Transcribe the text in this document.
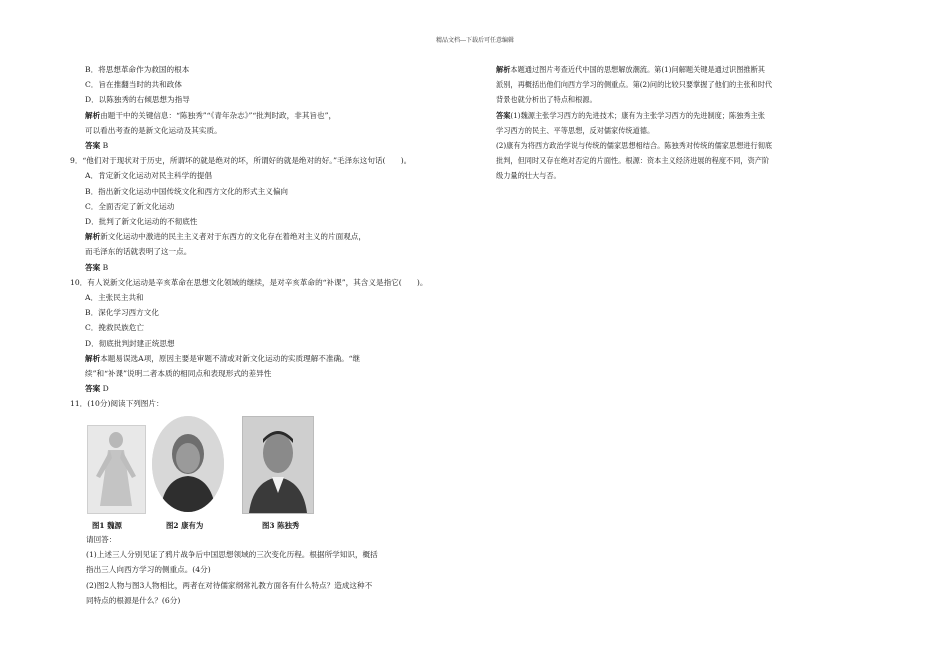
精品文档---下载后可任意编辑
B．将思想革命作为救国的根本
C．旨在推翻当时的共和政体
D．以陈独秀的右倾思想为指导
解析由题干中的关键信息：“陈独秀”“《青年杂志》”“批判时政，非其旨也”，
可以看出考查的是新文化运动及其实质。
答案 B
9．“他们对于现状对于历史，所谓坏的就是绝对的坏，所谓好的就是绝对的好。”毛泽东这句话(　　)。
A．肯定新文化运动对民主科学的提倡
B．指出新文化运动中国传统文化和西方文化的形式主义偏向
C．全面否定了新文化运动
D．批判了新文化运动的不彻底性
解析新文化运动中激进的民主主义者对于东西方的文化存在着绝对主义的片面观点，
而毛泽东的话就表明了这一点。
答案 B
10．有人说新文化运动是辛亥革命在思想文化领域的继续，是对辛亥革命的“补课”，其含义是指它(　　)。
A．主张民主共和
B．深化学习西方文化
C．挽救民族危亡
D．彻底批判封建正统思想
解析本题易误选A项，原因主要是审题不清或对新文化运动的实质理解不准确。“继
续”和“补课”说明二者本质的相同点和表现形式的差异性
答案 D
11．(10分)阅读下列图片：
图1 魏源	图2 康有为	图3 陈独秀
请回答：
(1)上述三人分别见证了鸦片战争后中国思想领域的三次变化历程。根据所学知识，概括
指出三人向西方学习的侧重点。(4分)
(2)图2人物与图3人物相比，两者在对待儒家纲常礼教方面各有什么特点？造成这种不
同特点的根源是什么？(6分)
解析本题通过图片考查近代中国的思想解放潮流。第(1)问解题关键是通过识图推断其
派别，再概括出他们向西方学习的侧重点。第(2)问的比较只要掌握了他们的主张和时代
背景也就分析出了特点和根源。
答案(1)魏源主张学习西方的先进技术；康有为主张学习西方的先进制度；陈独秀主张
学习西方的民主、平等思想，反对儒家传统道德。
(2)康有为将西方政治学说与传统的儒家思想相结合。陈独秀对传统的儒家思想进行彻底
批判，但同时又存在绝对否定的片面性。根源：资本主义经济进展的程度不同，资产阶
级力量的壮大与否。
